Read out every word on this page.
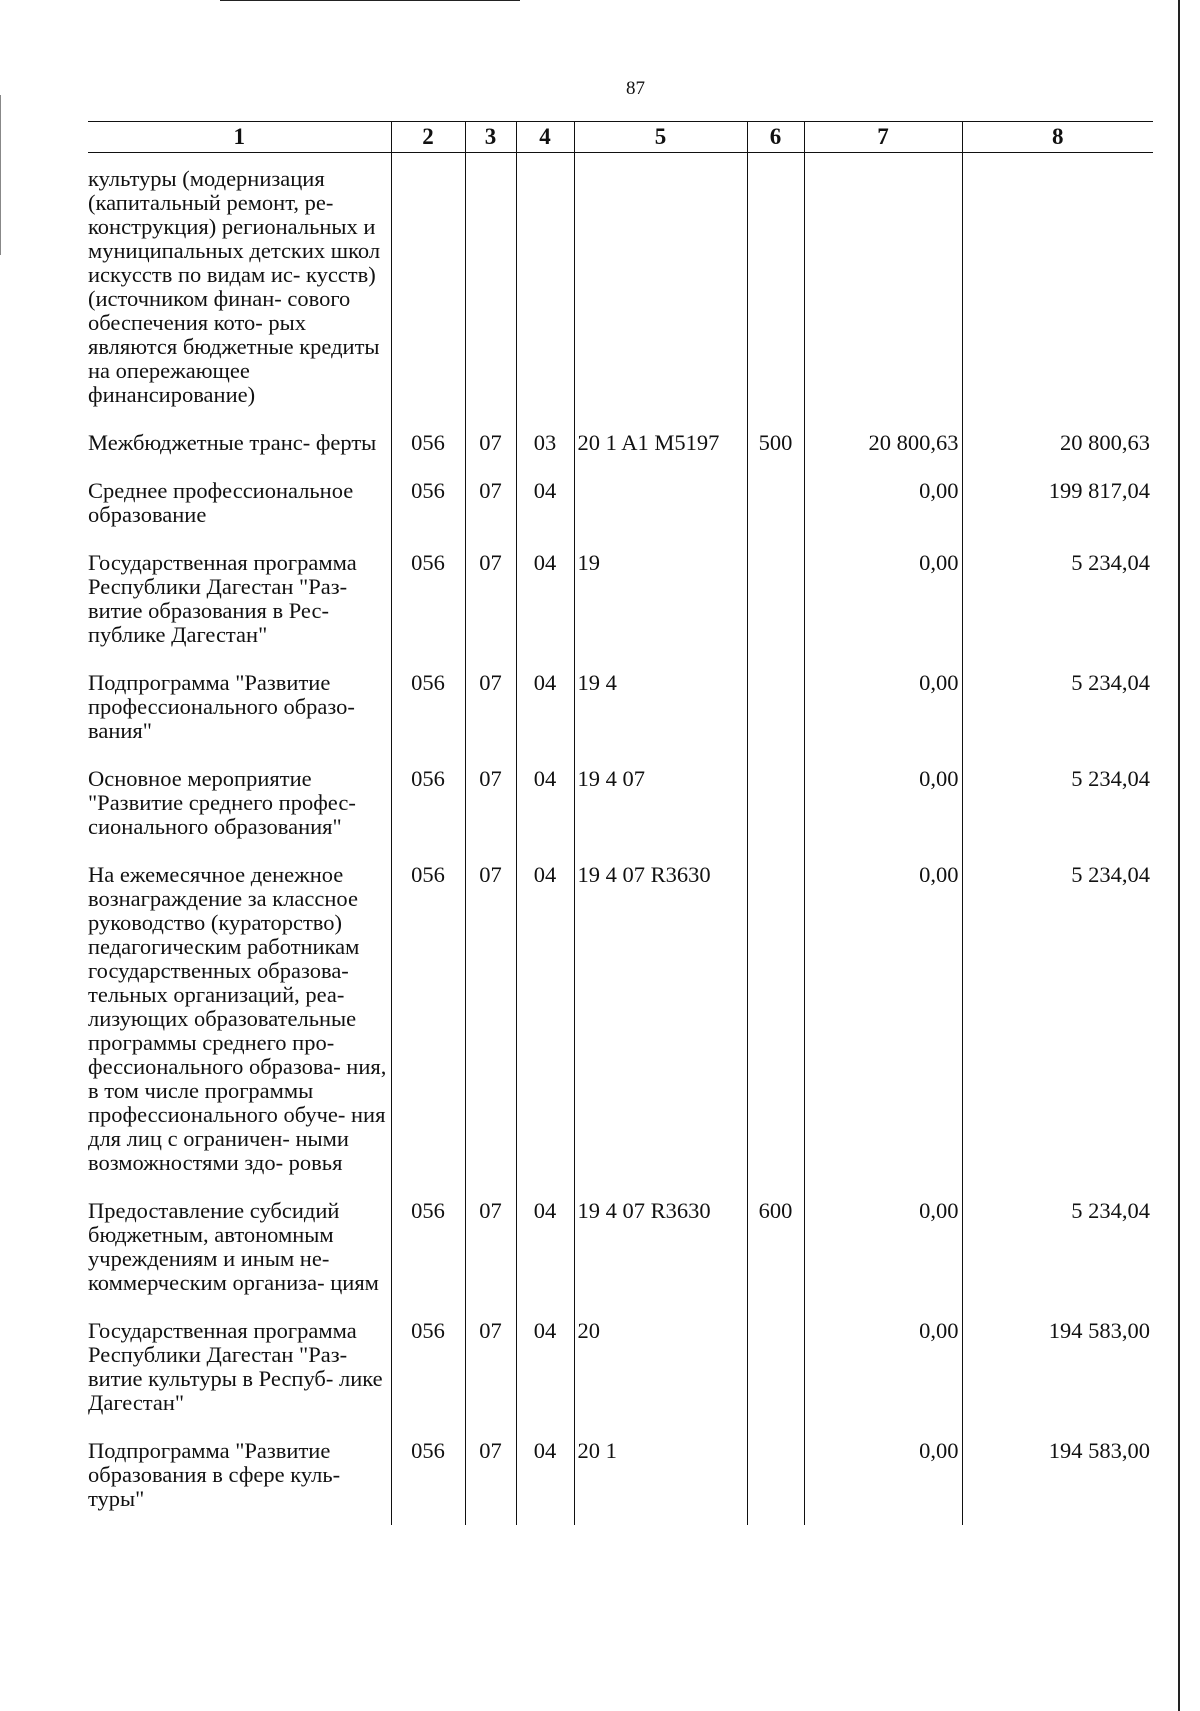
87
1	2	3	4	5	6	7	8

культуры (модернизация (капитальный ремонт, ре- конструкция) региональных и муниципальных детских школ искусств по видам ис- кусств) (источником финан- сового обеспечения кото- рых являются бюджетные кредиты на опережающее финансирование)							

Межбюджетные транс- ферты	056	07	03	20 1 A1 M5197	500	20 800,63	20 800,63

Среднее профессиональное образование	056	07	04			0,00	199 817,04

Государственная программа Республики Дагестан "Раз- витие образования в Рес- публике Дагестан"	056	07	04	19		0,00	5 234,04

Подпрограмма "Развитие профессионального образо- вания"	056	07	04	19 4		0,00	5 234,04

Основное мероприятие "Развитие среднего профес- сионального образования"	056	07	04	19 4 07		0,00	5 234,04

На ежемесячное денежное вознаграждение за классное руководство (кураторство) педагогическим работникам государственных образова- тельных организаций, реа- лизующих образовательные программы среднего про- фессионального образова- ния, в том числе программы профессионального обуче- ния для лиц с ограничен- ными возможностями здо- ровья	056	07	04	19 4 07 R3630		0,00	5 234,04

Предоставление субсидий бюджетным, автономным учреждениям и иным не- коммерческим организа- циям	056	07	04	19 4 07 R3630	600	0,00	5 234,04

Государственная программа Республики Дагестан "Раз- витие культуры в Респуб- лике Дагестан"	056	07	04	20		0,00	194 583,00

Подпрограмма "Развитие образования в сфере куль- туры"	056	07	04	20 1		0,00	194 583,00
